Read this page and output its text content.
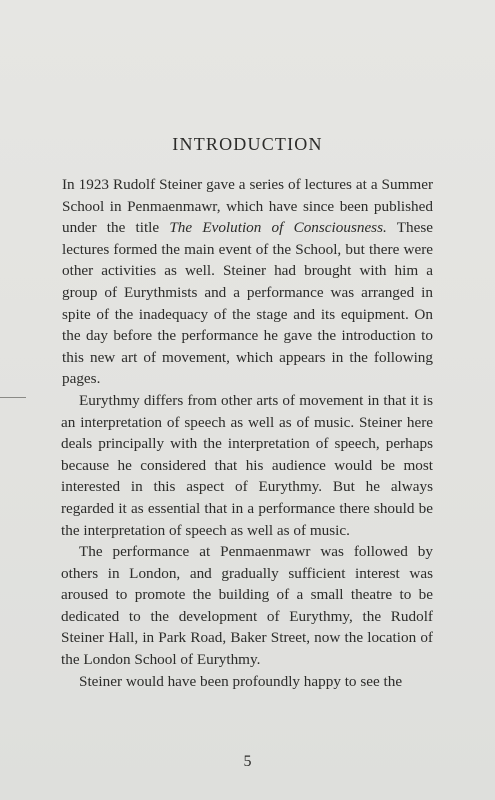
INTRODUCTION

In 1923 Rudolf Steiner gave a series of lectures at a Summer School in Penmaenmawr, which have since been published under the title The Evolution of Consciousness. These lectures formed the main event of the School, but there were other activities as well. Steiner had brought with him a group of Eurythmists and a performance was arranged in spite of the inadequacy of the stage and its equipment. On the day before the performance he gave the introduction to this new art of movement, which appears in the following pages.

Eurythmy differs from other arts of movement in that it is an interpretation of speech as well as of music. Steiner here deals principally with the interpretation of speech, perhaps because he considered that his audience would be most interested in this aspect of Eurythmy. But he always regarded it as essential that in a performance there should be the interpretation of speech as well as of music.

The performance at Penmaenmawr was followed by others in London, and gradually sufficient interest was aroused to promote the building of a small theatre to be dedicated to the development of Eurythmy, the Rudolf Steiner Hall, in Park Road, Baker Street, now the location of the London School of Eurythmy.

Steiner would have been profoundly happy to see the

5
